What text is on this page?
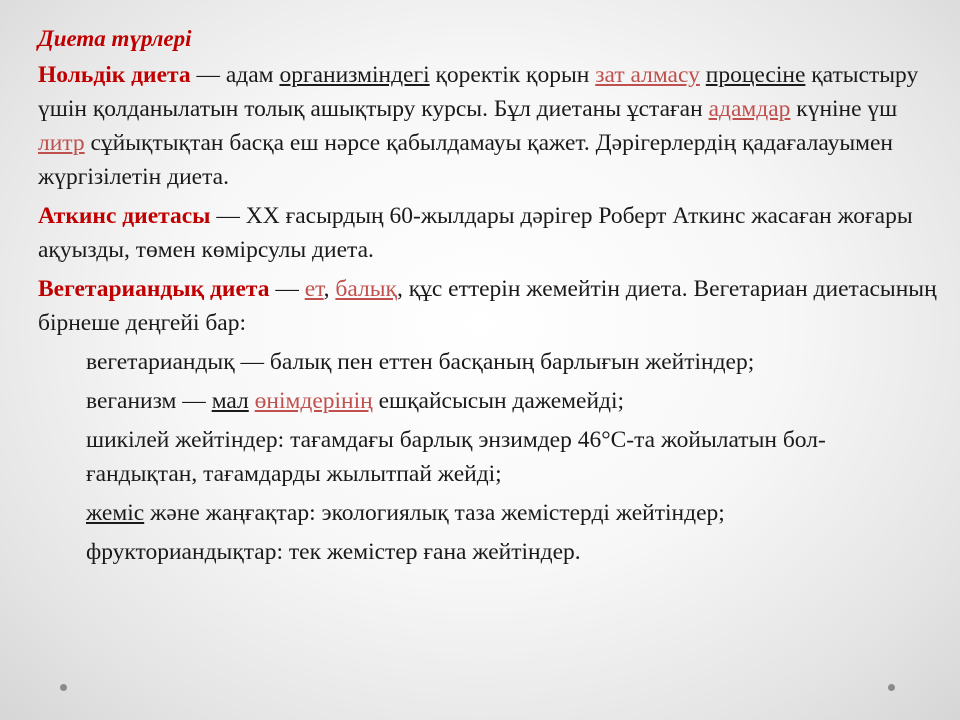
Диета түрлері
Нольдік диета — адам организміндегі қоректік қорын зат алмасу процесіне қатыстыру үшін қолданылатын толық ашықтыру курсы. Бұл диетаны ұстаған адамдар күніне үш литр сұйықтықтан басқа еш нәрсе қабылдамауы қажет. Дәрігерлердің қадағалауымен жүргізілетін диета.
Аткинс диетасы — XX ғасырдың 60-жылдары дәрігер Роберт Аткинс жасаған жоғары ақуызды, төмен көмірсулы диета.
Вегетариандық диета — ет, балық, құс еттерін жемейтін диета. Вегетариан диетасының бірнеше деңгейі бар:
вегетариандық — балық пен еттен басқаның барлығын жейтіндер;
веганизм — мал өнімдерінің ешқайсысын дажемейді;
шикілей жейтіндер: тағамдағы барлық энзимдер 46°С-та жойылатын бол- ғандықтан, тағамдарды жылытпай жейді;
жеміс және жаңғақтар: экологиялық таза жемістерді жейтіндер;
фрукториандықтар: тек жемістер ғана жейтіндер.
